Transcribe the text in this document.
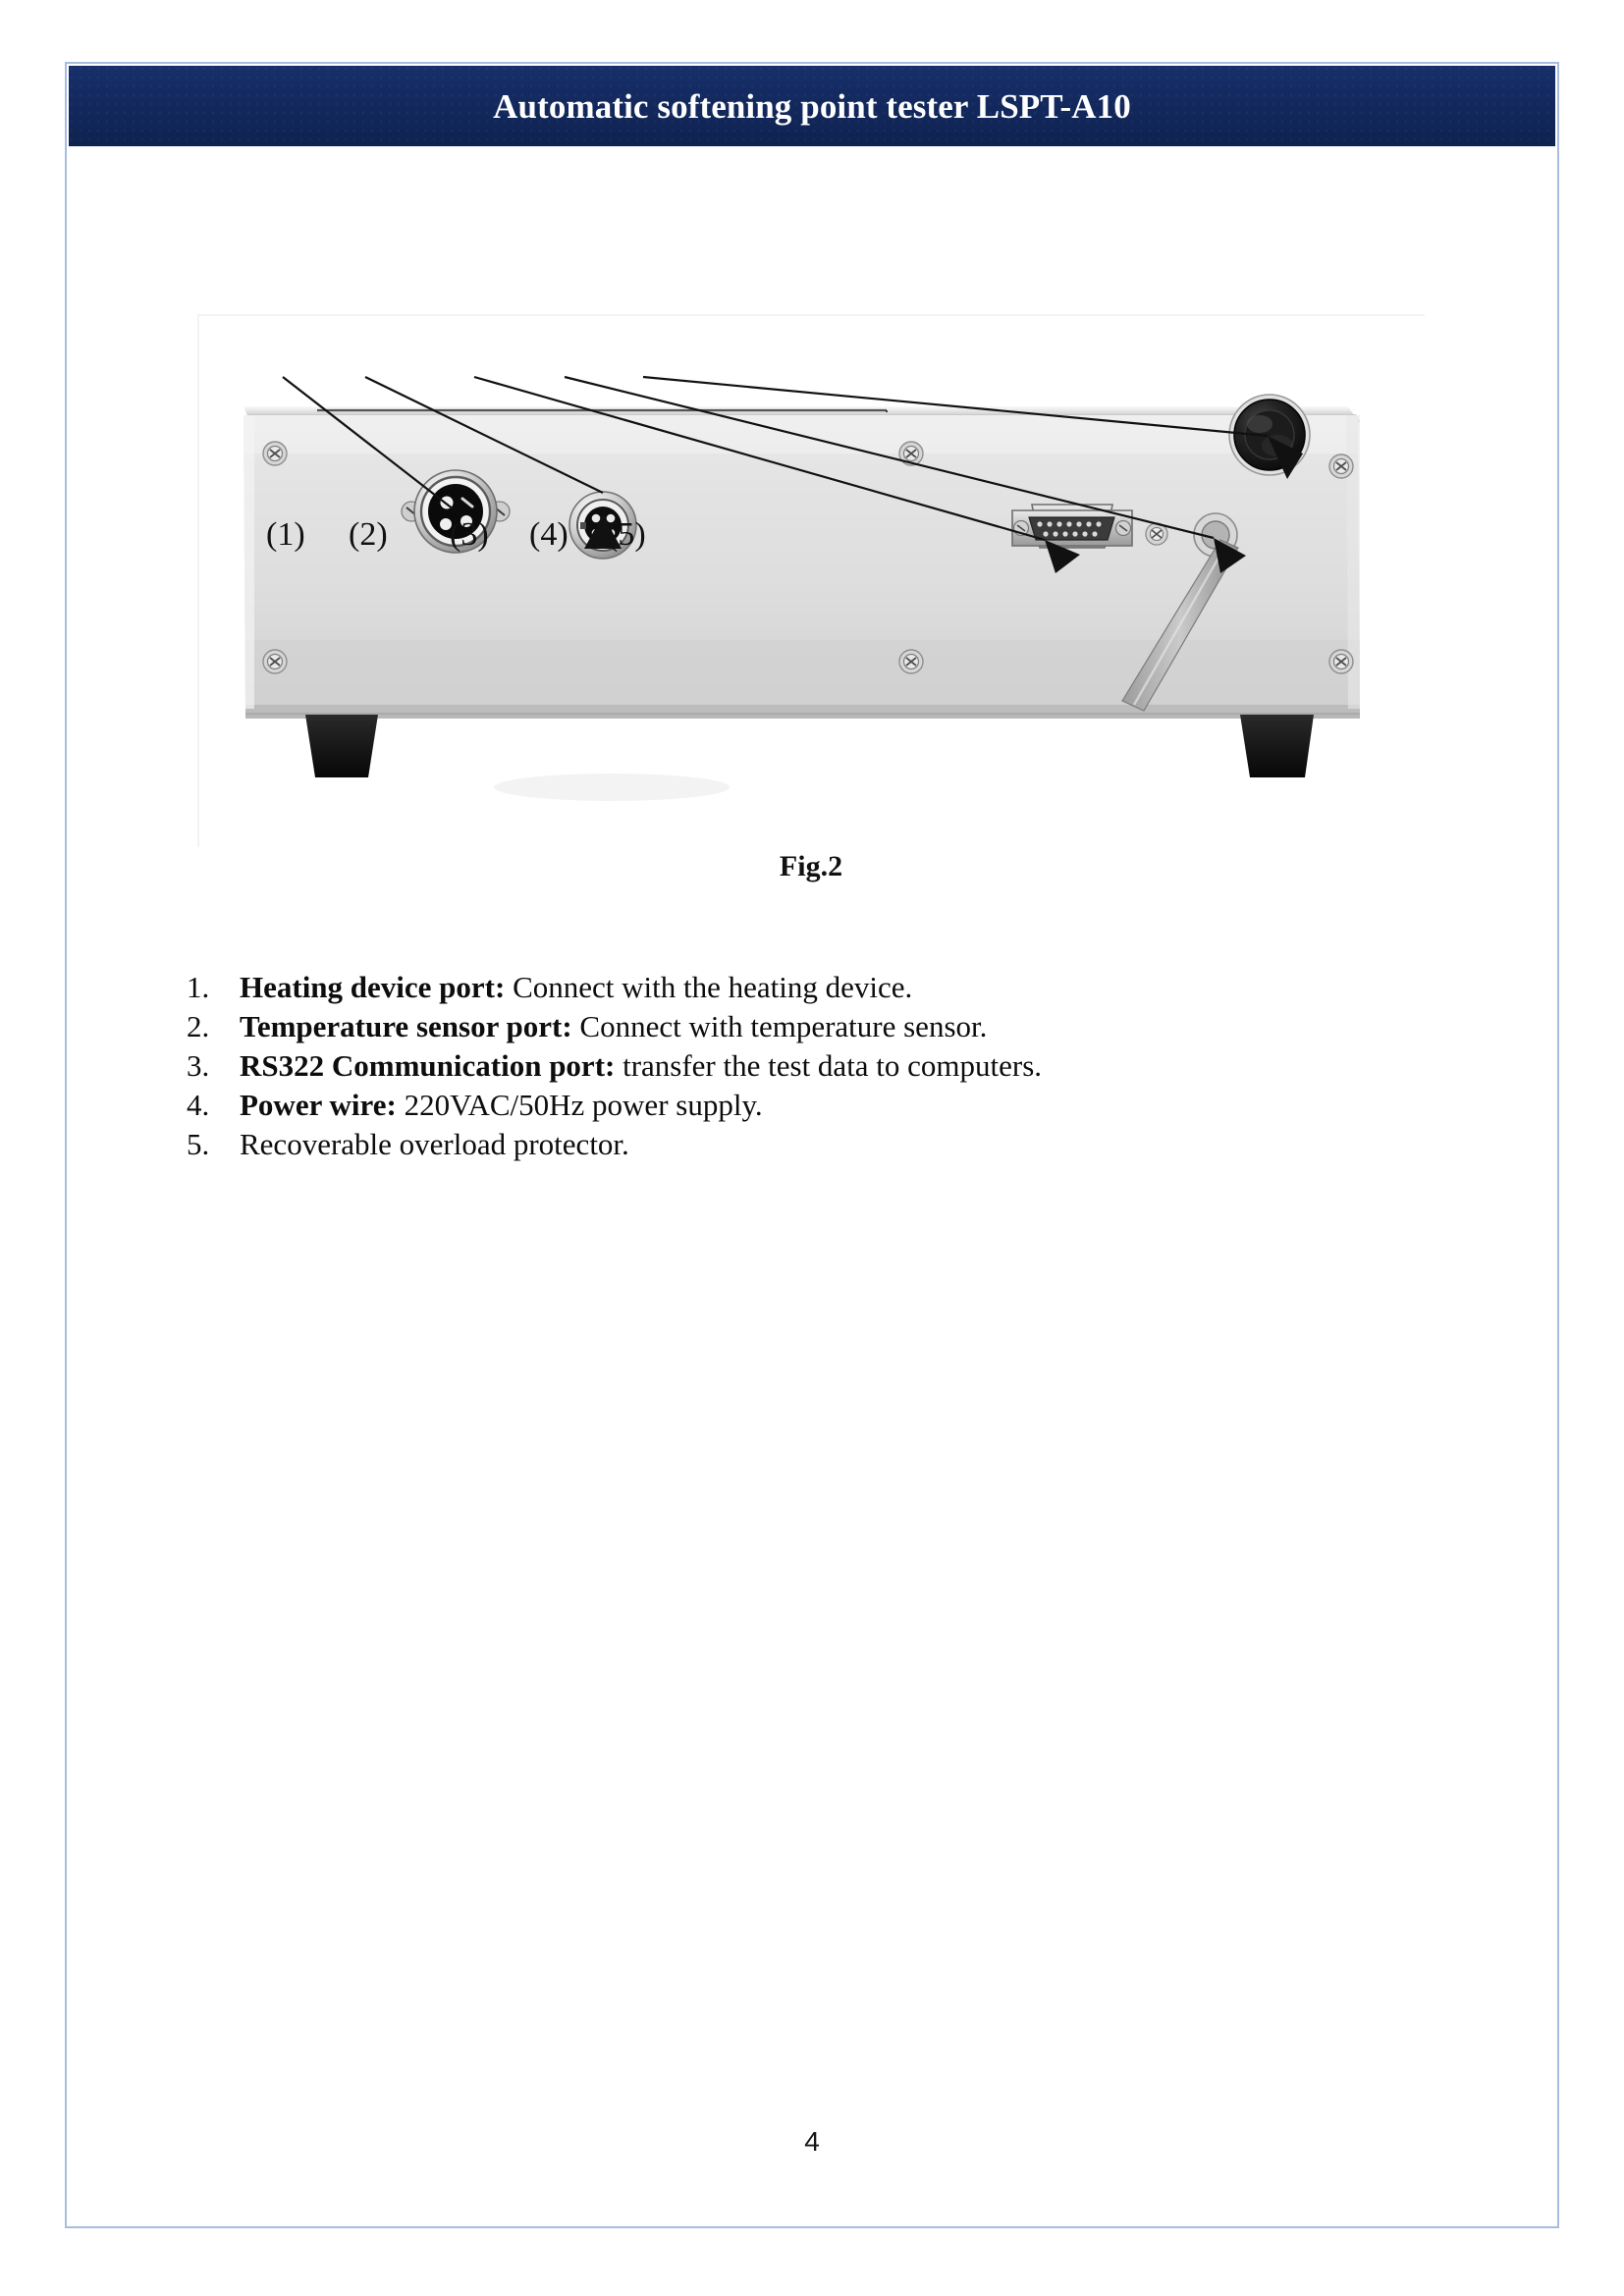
Automatic softening point tester LSPT-A10
(1) (2) (3) (4) (5)
Fig.2
1. Heating device port: Connect with the heating device.
2. Temperature sensor port: Connect with temperature sensor.
3. RS322 Communication port: transfer the test data to computers.
4. Power wire: 220VAC/50Hz power supply.
5. Recoverable overload protector.
4
